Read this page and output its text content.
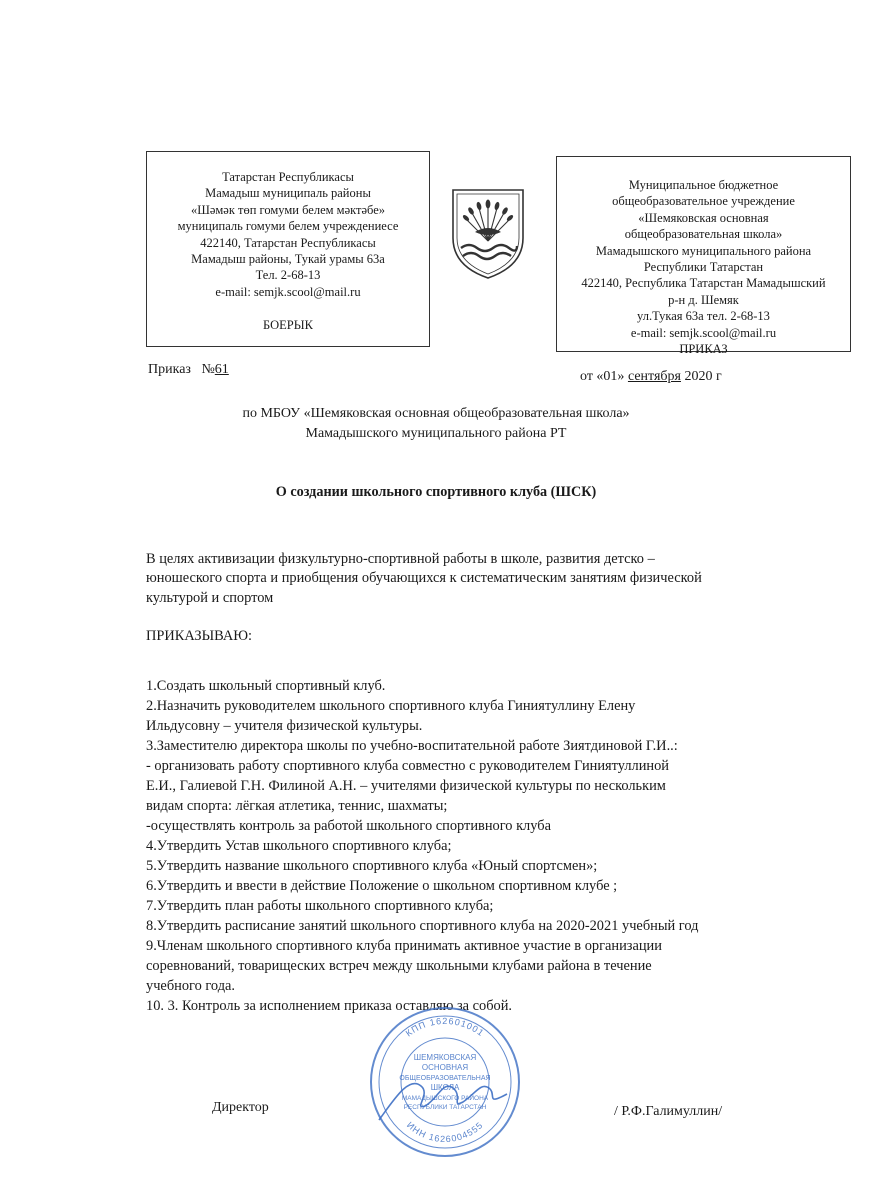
Татарстан Республикасы
Мамадыш муниципаль районы
«Шәмәк төп гомуми белем мәктәбе»
муниципаль гомуми белем учреждениесе
422140, Татарстан Республикасы
Мамадыш районы, Тукай урамы 63а
Тел. 2-68-13
e-mail: semjk.scool@mail.ru
БОЕРЫК
Муниципальное бюджетное
общеобразовательное учреждение
«Шемяковская основная
общеобразовательная школа»
Мамадышского муниципального района
Республики Татарстан
422140, Республика Татарстан Мамадышский
р-н д. Шемяк
ул.Тукая 63а тел. 2-68-13
e-mail: semjk.scool@mail.ru
ПРИКАЗ
Приказ №61	от «01» сентября 2020 г
по МБОУ «Шемяковская основная общеобразовательная школа»
Мамадышского муниципального района РТ
О создании школьного спортивного клуба (ШСК)
В целях активизации физкультурно-спортивной работы в школе, развития детско –
юношеского спорта и приобщения обучающихся к систематическим занятиям физической
культурой и спортом
ПРИКАЗЫВАЮ:
1.Создать школьный спортивный клуб.
2.Назначить руководителем школьного спортивного клуба Гиниятуллину Елену
Ильдусовну – учителя физической культуры.
3.Заместителю директора школы по учебно-воспитательной работе Зиятдиновой Г.И..:
- организовать работу спортивного клуба совместно с руководителем Гиниятуллиной
Е.И., Галиевой Г.Н. Филиной А.Н. – учителями физической культуры по нескольким
видам спорта: лёгкая атлетика, теннис, шахматы;
-осуществлять контроль за работой школьного спортивного клуба
4.Утвердить Устав школьного спортивного клуба;
5.Утвердить название школьного спортивного клуба «Юный спортсмен»;
6.Утвердить и ввести в действие Положение о школьном спортивном клубе ;
7.Утвердить план работы школьного спортивного клуба;
8.Утвердить расписание занятий школьного спортивного клуба на 2020-2021 учебный год
9.Членам школьного спортивного клуба принимать активное участие в организации
соревнований, товарищеских встреч между школьными клубами района в течение
учебного года.
10. 3. Контроль за исполнением приказа оставляю за собой.
КПП 162601001
ИНН 1626004555
ШЕМЯКОВСКАЯ
ОСНОВНАЯ
ОБЩЕОБРАЗОВАТЕЛЬНАЯ
ШКОЛА
МАМАДЫШСКОГО РАЙОНА
РЕСПУБЛИКИ ТАТАРСТАН
Директор	/ Р.Ф.Галимуллин/
